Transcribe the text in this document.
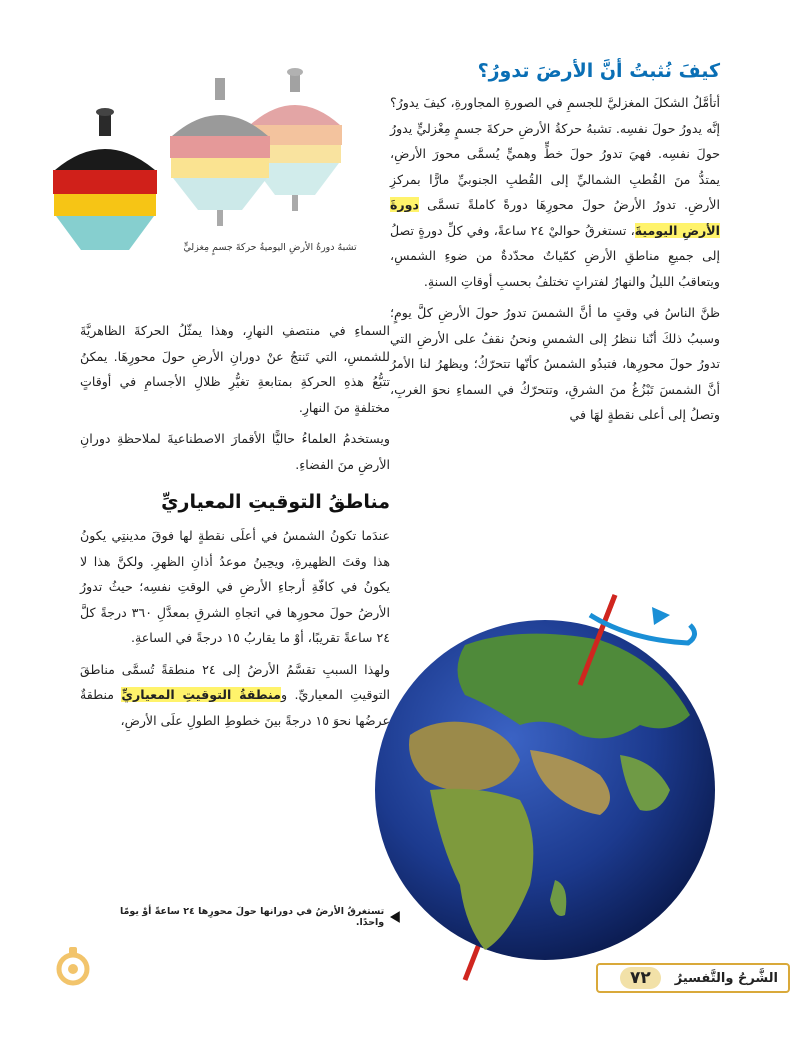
كيفَ نُثبتُ أنَّ الأرضَ تدورُ؟

أتأمَّلُ الشكلَ المغزليَّ للجسمِ في الصورةِ المجاورةِ، كيفَ يدورُ؟ إنَّه يدورُ حولَ نفسِه. تشبهُ حركةُ الأرضِ حركةَ جسمٍ مِغْزليٍّ يدورُ حولَ نفسِه. فهيَ تدورُ حولَ خطٍّ وهميٍّ يُسمَّى محورَ الأرضِ، يمتدُّ منَ القُطبِ الشماليِّ إلى القُطبِ الجنوبيِّ مارًّا بمركزِ الأرضِ. تدورُ الأرضُ حولَ محورِهَا دورةً كاملةً تسمَّى دورةَ الأرضِ اليوميةَ، تستغرقُ حواليْ ٢٤ ساعةً، وفي كلِّ دورةٍ تصلُ إلى جميعِ مناطقِ الأرضِ كمّياتٌ محدّدةٌ من ضوءِ الشمسِ، ويتعاقبُ الليلُ والنهارُ لفتراتٍ تختلفُ بحسبِ أوقاتِ السنةِ.

ظنَّ الناسُ في وقتٍ ما أنَّ الشمسَ تدورُ حولَ الأرضِ كلَّ يومٍ؛ وسببُ ذلكَ أنّنا ننظرُ إلى الشمسِ ونحنُ نقفُ على الأرضِ التي تدورُ حولَ محورِها، فتبدُو الشمسُ كأنّها تتحرّكُ؛ ويظهرُ لنا الأمرُ أنَّ الشمسَ تَبْزُغُ منَ الشرقِ، وتتحرّكُ في السماءِ نحوَ الغربِ، وتصلُ إلى أعلى نقطةٍ لهَا في

تشبهُ دورةُ الأرضِ اليوميةُ حركةَ جسمٍ مِغزليٍّ

السماءِ في منتصفِ النهارِ، وهذا يمثّلُ الحركةَ الظاهريَّةَ للشمسِ، التي تَنتجُ عنْ دورانِ الأرضِ حولَ محورِهَا. يمكنُ تتبُّعُ هذهِ الحركةِ بمتابعةِ تغيُّرِ ظلالِ الأجسامِ في أوقاتٍ مختلفةٍ منَ النهارِ.

ويستخدمُ العلماءُ حاليًّا الأقمارَ الاصطناعيةَ لملاحظةِ دورانِ الأرضِ منَ الفضاءِ.

مناطقُ التوقيتِ المعياريِّ

عندَما تكونُ الشمسُ في أعلَى نقطةٍ لها فوقَ مدينتِي يكونُ هذا وقتَ الظهيرةِ، ويحِينُ موعدُ أذانِ الظهرِ. ولكنَّ هذا لا يكونُ في كافّةِ أرجاءِ الأرضِ في الوقتِ نفسِه؛ حيثُ تدورُ الأرضُ حولَ محورِها في اتجاهِ الشرقِ بمعدَّلِ ٣٦٠ درجةً كلَّ ٢٤ ساعةً تقريبًا، أوْ ما يقاربُ ١٥ درجةً في الساعةِ.

ولهذا السببِ تقسَّمُ الأرضُ إلى ٢٤ منطقةً تُسمَّى مناطقَ التوقيتِ المعياريِّ. ومنطقةُ التوقيتِ المعياريِّ منطقةٌ عرضُها نحوَ ١٥ درجةً بينَ خطوطِ الطولِ علَى الأرضِ،

تستغرقُ الأرضُ في دورانها حولَ محورِها ٢٤ ساعةً أوْ يومًا واحدًا.
الشَّرحُ والتَّفسيرُ
٧٢
